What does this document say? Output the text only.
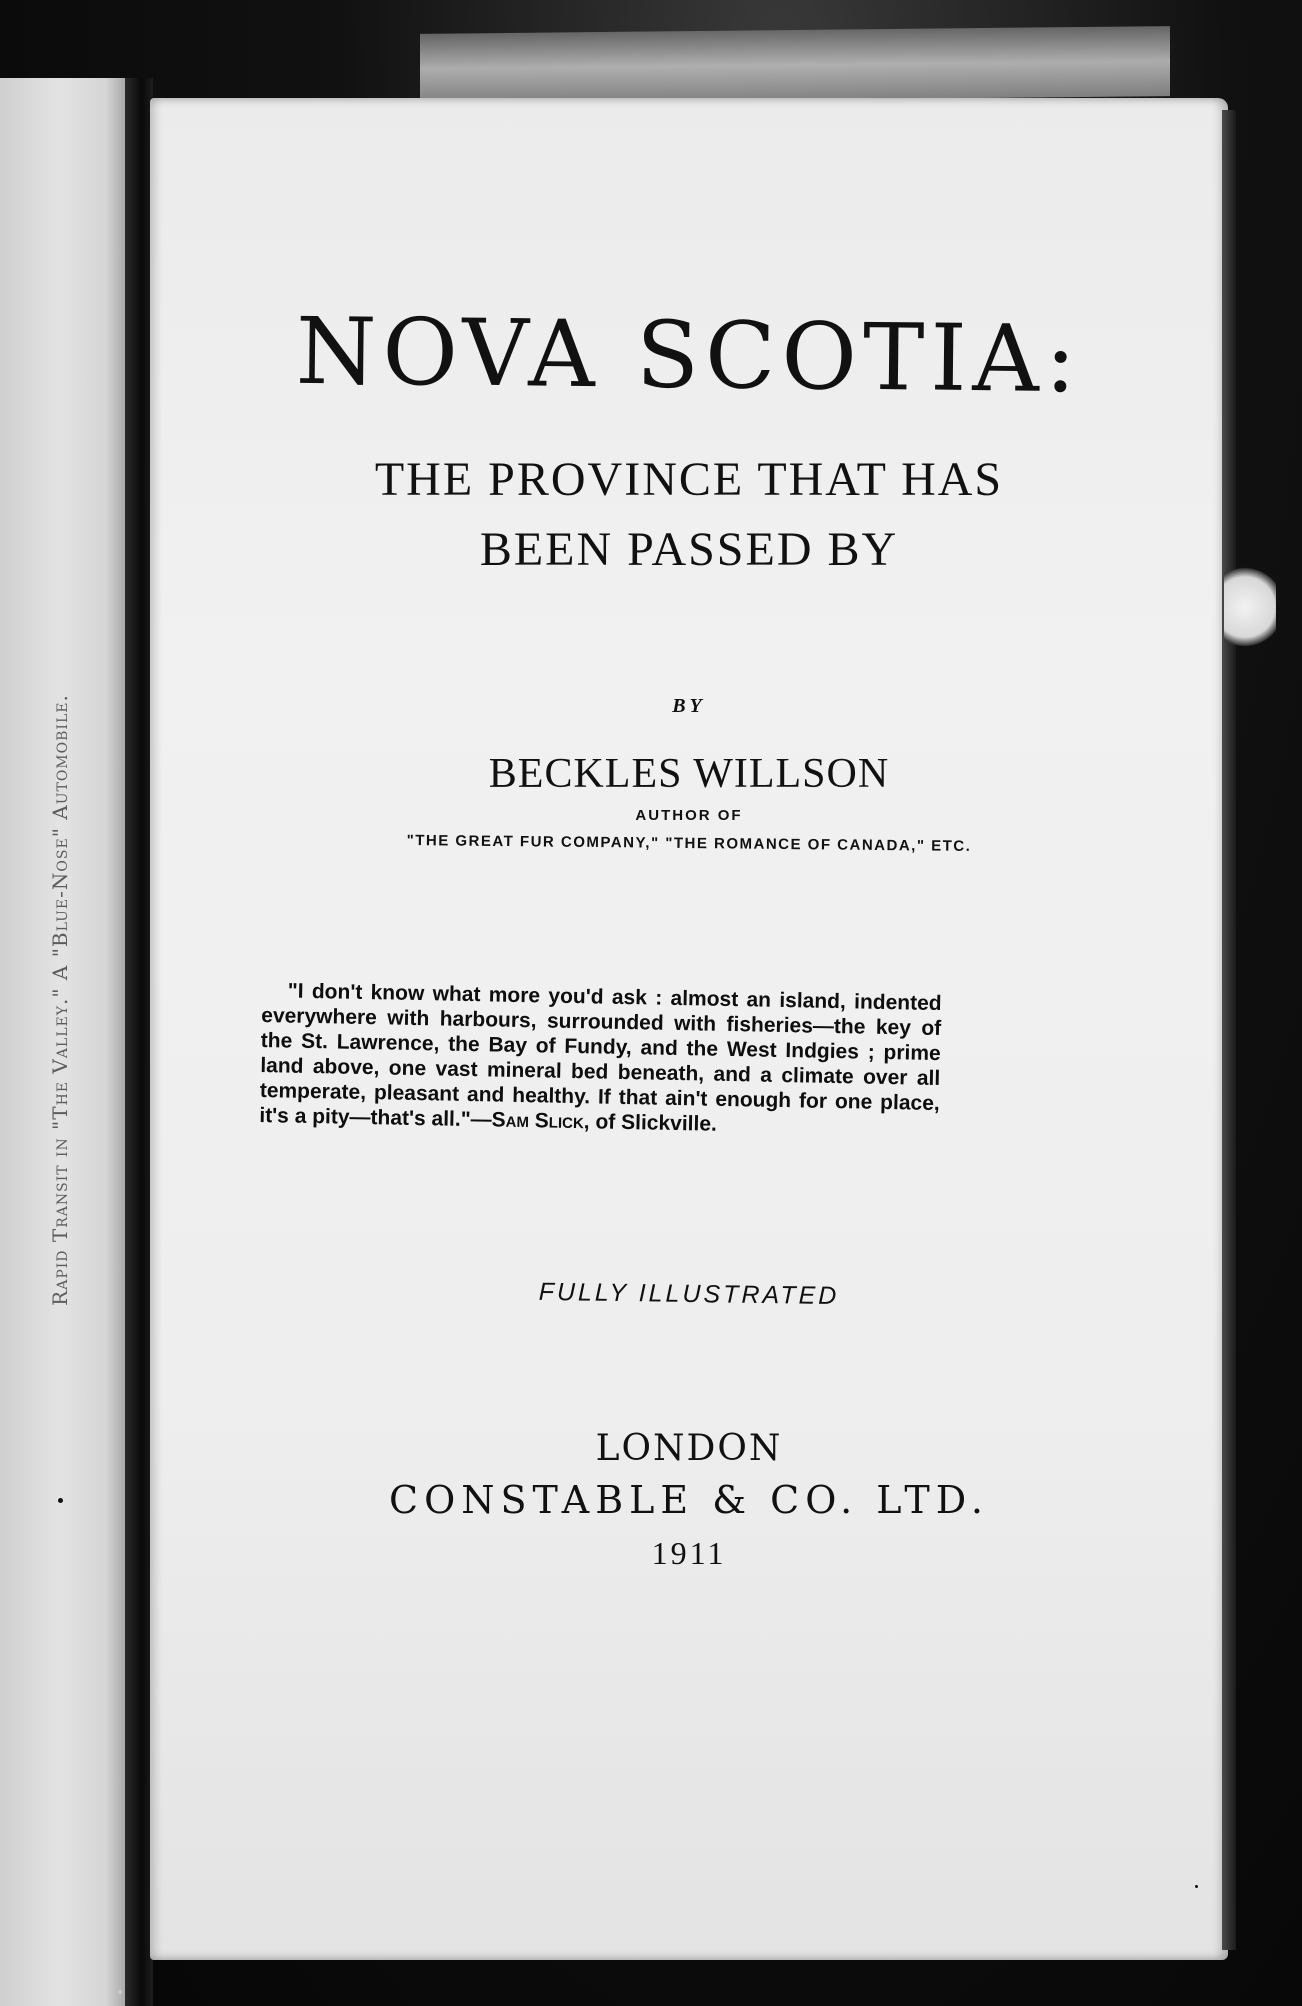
Rapid Transit in "The Valley." A "Blue-Nose" Automobile.
NOVA SCOTIA:
THE PROVINCE THAT HAS
BEEN PASSED BY
BY
BECKLES WILLSON
AUTHOR OF
"THE GREAT FUR COMPANY," "THE ROMANCE OF CANADA," ETC.
"I don't know what more you'd ask : almost an island, indented everywhere with harbours, surrounded with fisheries—the key of the St. Lawrence, the Bay of Fundy, and the West Indgies ; prime land above, one vast mineral bed beneath, and a climate over all temperate, pleasant and healthy. If that ain't enough for one place, it's a pity—that's all."—Sam Slick, of Slickville.
FULLY ILLUSTRATED
LONDON
CONSTABLE & CO. LTD.
1911
